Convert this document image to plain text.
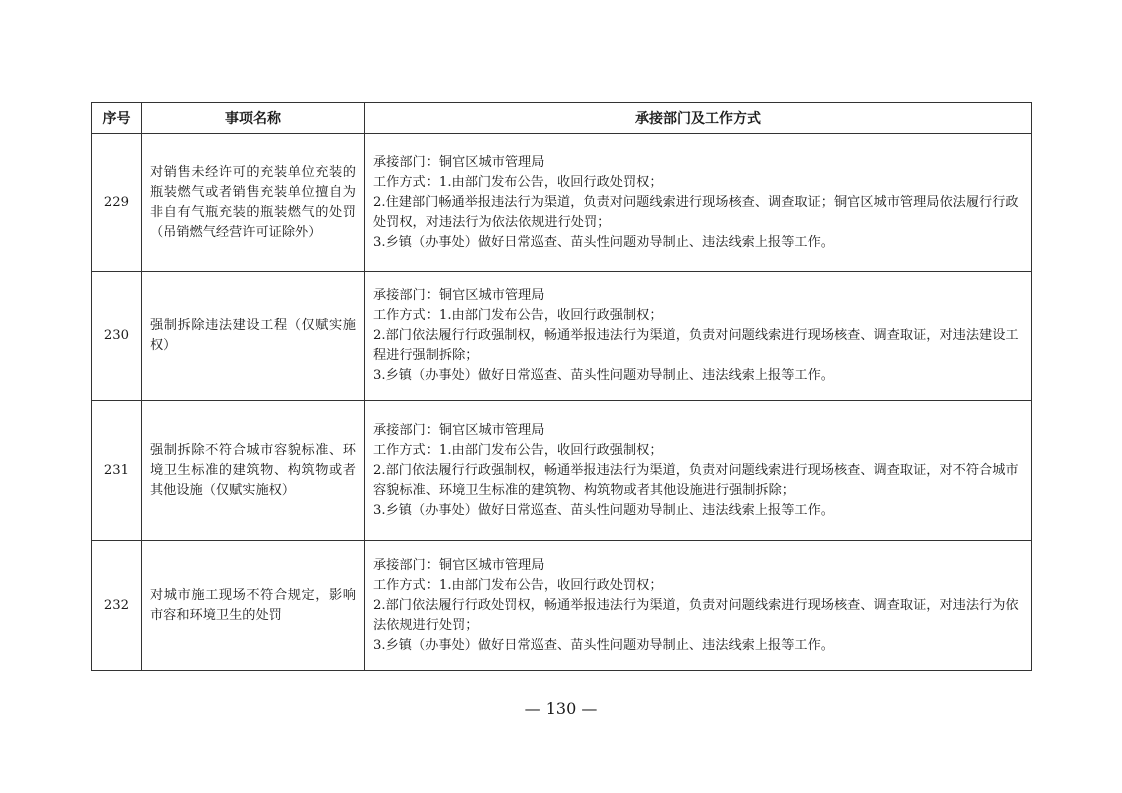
序号	事项名称	承接部门及工作方式
229	对销售未经许可的充装单位充装的瓶装燃气或者销售充装单位擅自为非自有气瓶充装的瓶装燃气的处罚（吊销燃气经营许可证除外）	承接部门：铜官区城市管理局
工作方式：1.由部门发布公告，收回行政处罚权；
2.住建部门畅通举报违法行为渠道，负责对问题线索进行现场核查、调查取证；铜官区城市管理局依法履行行政处罚权，对违法行为依法依规进行处罚；
3.乡镇（办事处）做好日常巡查、苗头性问题劝导制止、违法线索上报等工作。

230	强制拆除违法建设工程（仅赋实施权）	承接部门：铜官区城市管理局
工作方式：1.由部门发布公告，收回行政强制权；
2.部门依法履行行政强制权，畅通举报违法行为渠道，负责对问题线索进行现场核查、调查取证，对违法建设工程进行强制拆除；
3.乡镇（办事处）做好日常巡查、苗头性问题劝导制止、违法线索上报等工作。

231	强制拆除不符合城市容貌标准、环境卫生标准的建筑物、构筑物或者其他设施（仅赋实施权）	承接部门：铜官区城市管理局
工作方式：1.由部门发布公告，收回行政强制权；
2.部门依法履行行政强制权，畅通举报违法行为渠道，负责对问题线索进行现场核查、调查取证，对不符合城市容貌标准、环境卫生标准的建筑物、构筑物或者其他设施进行强制拆除；
3.乡镇（办事处）做好日常巡查、苗头性问题劝导制止、违法线索上报等工作。

232	对城市施工现场不符合规定，影响市容和环境卫生的处罚	承接部门：铜官区城市管理局
工作方式：1.由部门发布公告，收回行政处罚权；
2.部门依法履行行政处罚权，畅通举报违法行为渠道，负责对问题线索进行现场核查、调查取证，对违法行为依法依规进行处罚；
3.乡镇（办事处）做好日常巡查、苗头性问题劝导制止、违法线索上报等工作。
— 130 —
